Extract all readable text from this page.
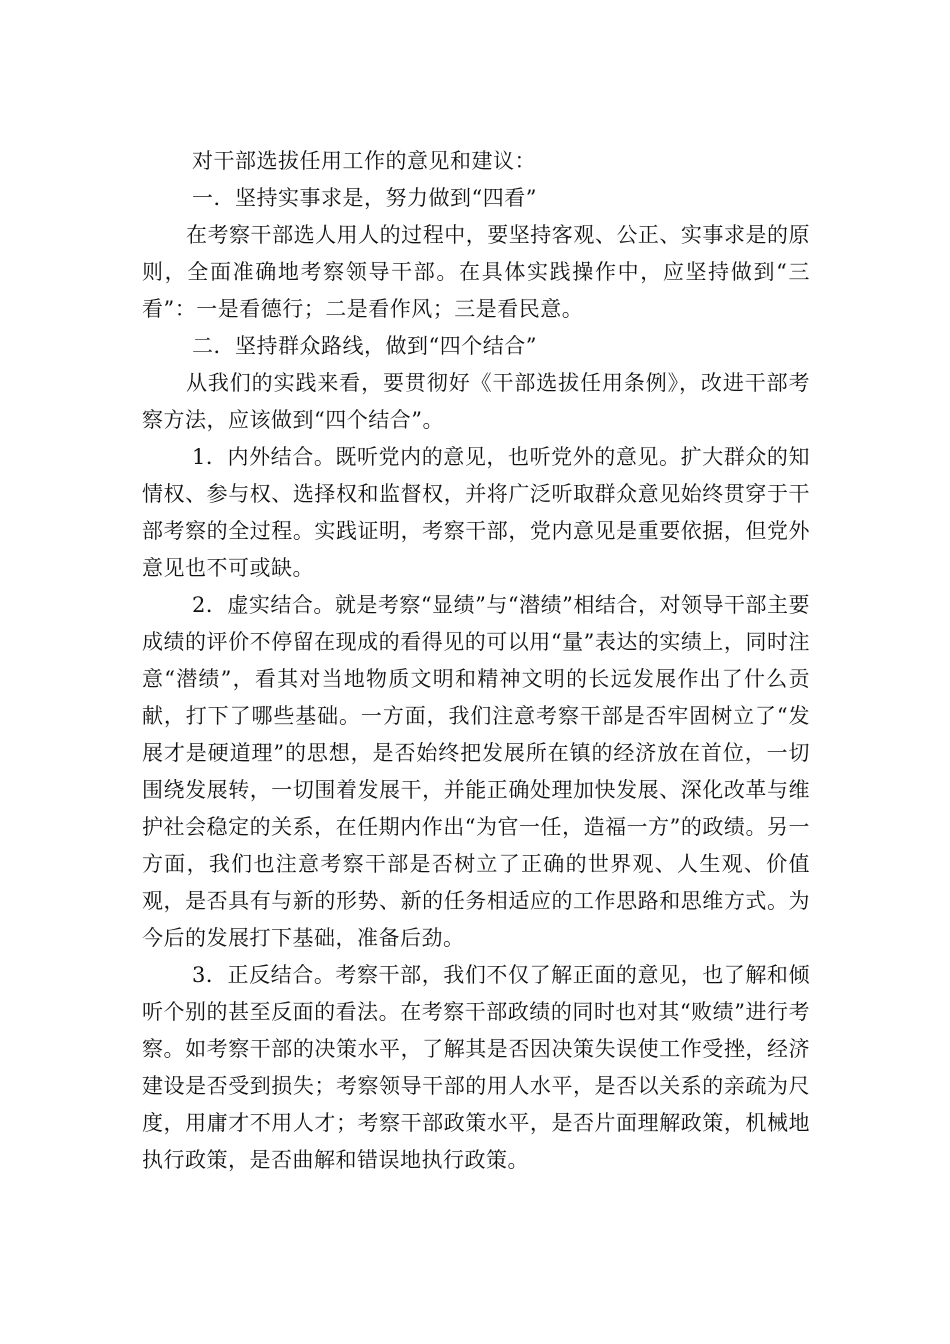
对干部选拔任用工作的意见和建议：

一．坚持实事求是，努力做到“四看”

在考察干部选人用人的过程中，要坚持客观、公正、实事求是的原则，全面准确地考察领导干部。在具体实践操作中，应坚持做到“三看”：一是看德行；二是看作风；三是看民意。

二．坚持群众路线，做到“四个结合”

从我们的实践来看，要贯彻好《干部选拔任用条例》，改进干部考察方法，应该做到“四个结合”。

1．内外结合。既听党内的意见，也听党外的意见。扩大群众的知情权、参与权、选择权和监督权，并将广泛听取群众意见始终贯穿于干部考察的全过程。实践证明，考察干部，党内意见是重要依据，但党外意见也不可或缺。

2．虚实结合。就是考察“显绩”与“潜绩”相结合，对领导干部主要成绩的评价不停留在现成的看得见的可以用“量”表达的实绩上，同时注意“潜绩”，看其对当地物质文明和精神文明的长远发展作出了什么贡献，打下了哪些基础。一方面，我们注意考察干部是否牢固树立了“发展才是硬道理”的思想，是否始终把发展所在镇的经济放在首位，一切围绕发展转，一切围着发展干，并能正确处理加快发展、深化改革与维护社会稳定的关系，在任期内作出“为官一任，造福一方”的政绩。另一方面，我们也注意考察干部是否树立了正确的世界观、人生观、价值观，是否具有与新的形势、新的任务相适应的工作思路和思维方式。为今后的发展打下基础，准备后劲。

3．正反结合。考察干部，我们不仅了解正面的意见，也了解和倾听个别的甚至反面的看法。在考察干部政绩的同时也对其“败绩”进行考察。如考察干部的决策水平，了解其是否因决策失误使工作受挫，经济建设是否受到损失；考察领导干部的用人水平，是否以关系的亲疏为尺度，用庸才不用人才；考察干部政策水平，是否片面理解政策，机械地执行政策，是否曲解和错误地执行政策。
